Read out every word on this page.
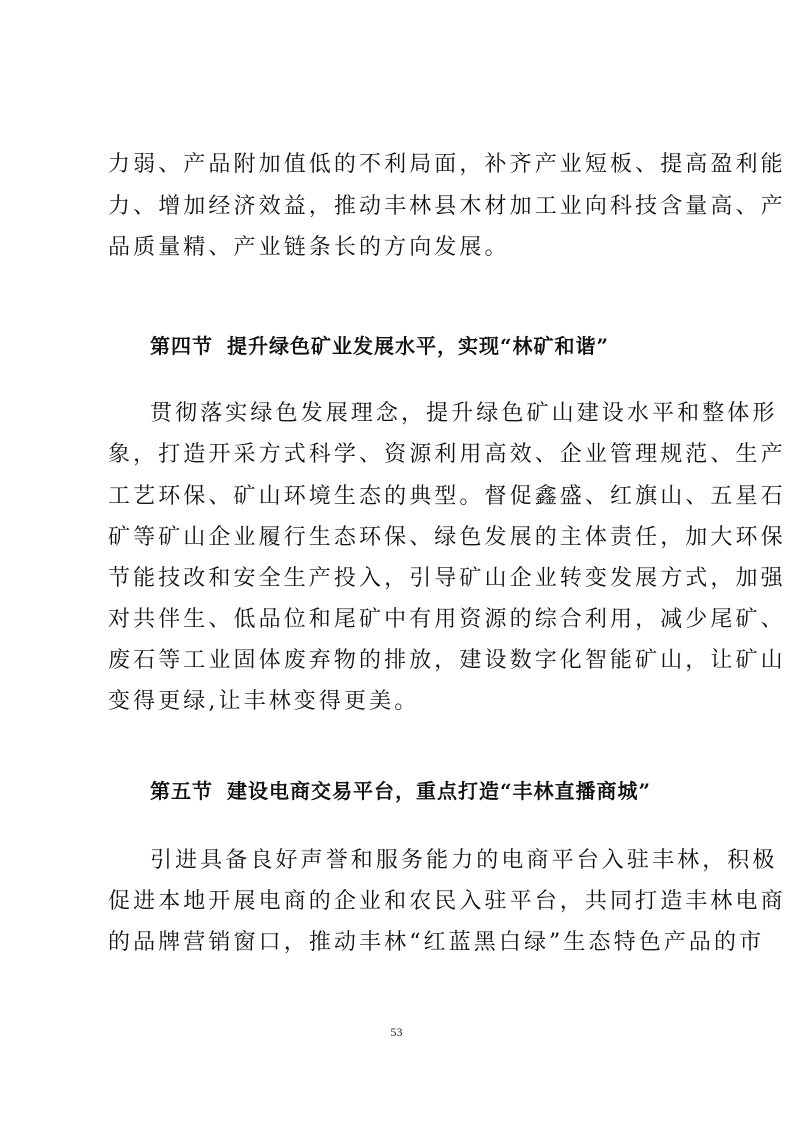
力弱、产品附加值低的不利局面，补齐产业短板、提高盈利能
力、增加经济效益，推动丰林县木材加工业向科技含量高、产
品质量精、产业链条长的方向发展。
第四节 提升绿色矿业发展水平，实现“林矿和谐”
贯彻落实绿色发展理念，提升绿色矿山建设水平和整体形
象，打造开采方式科学、资源利用高效、企业管理规范、生产
工艺环保、矿山环境生态的典型。督促鑫盛、红旗山、五星石
矿等矿山企业履行生态环保、绿色发展的主体责任，加大环保
节能技改和安全生产投入，引导矿山企业转变发展方式，加强
对共伴生、低品位和尾矿中有用资源的综合利用，减少尾矿、
废石等工业固体废弃物的排放，建设数字化智能矿山，让矿山
变得更绿,让丰林变得更美。
第五节 建设电商交易平台，重点打造“丰林直播商城”
引进具备良好声誉和服务能力的电商平台入驻丰林，积极
促进本地开展电商的企业和农民入驻平台，共同打造丰林电商
的品牌营销窗口，推动丰林“红蓝黑白绿”生态特色产品的市
53
